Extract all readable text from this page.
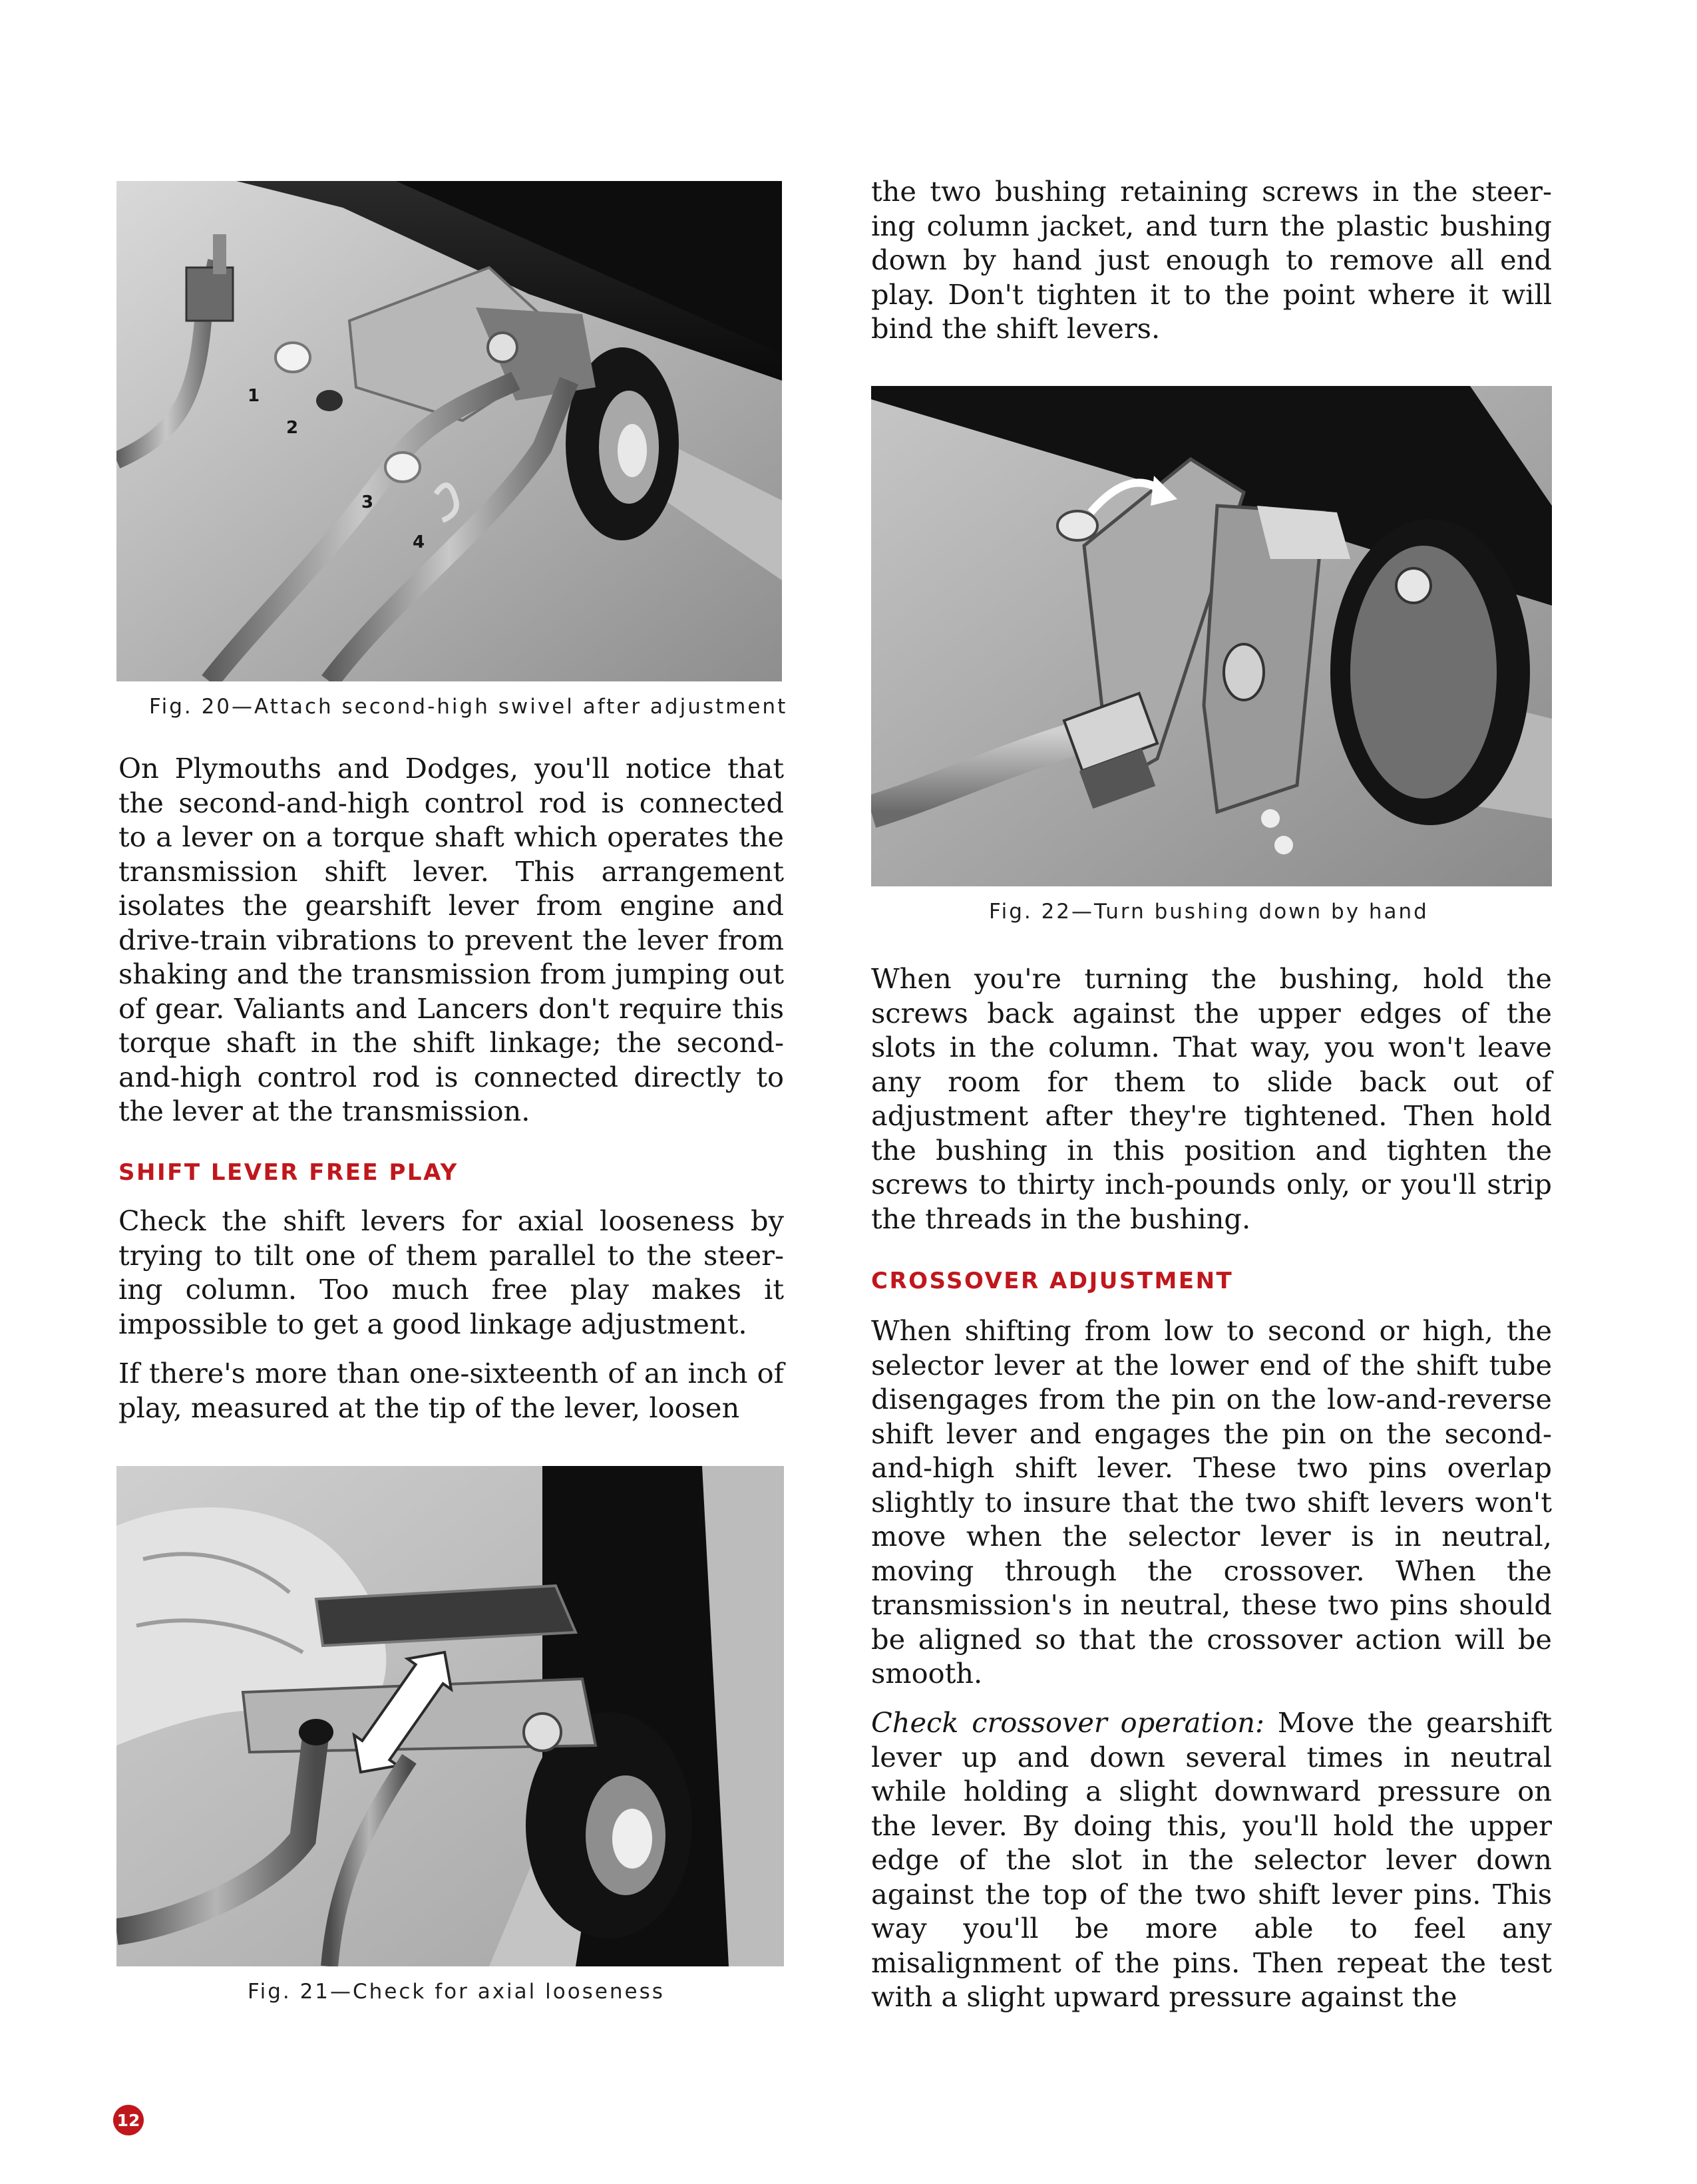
1
2
3
4
Fig. 20—Attach second-high swivel after adjustment

On Plymouths and Dodges, you'll notice that the second-and-high control rod is connected to a lever on a torque shaft which operates the transmission shift lever. This arrangement isolates the gearshift lever from engine and drive-train vibrations to prevent the lever from shaking and the transmission from jumping out of gear. Valiants and Lancers don't require this torque shaft in the shift linkage; the second-and-high control rod is connected directly to the lever at the transmission.

SHIFT LEVER FREE PLAY

Check the shift levers for axial looseness by trying to tilt one of them parallel to the steering column. Too much free play makes it impossible to get a good linkage adjustment.

If there's more than one-sixteenth of an inch of play, measured at the tip of the lever, loosen

Fig. 21—Check for axial looseness

the two bushing retaining screws in the steering column jacket, and turn the plastic bushing down by hand just enough to remove all end play. Don't tighten it to the point where it will bind the shift levers.

Fig. 22—Turn bushing down by hand

When you're turning the bushing, hold the screws back against the upper edges of the slots in the column. That way, you won't leave any room for them to slide back out of adjustment after they're tightened. Then hold the bushing in this position and tighten the screws to thirty inch-pounds only, or you'll strip the threads in the bushing.

CROSSOVER ADJUSTMENT

When shifting from low to second or high, the selector lever at the lower end of the shift tube disengages from the pin on the low-and-reverse shift lever and engages the pin on the second-and-high shift lever. These two pins overlap slightly to insure that the two shift levers won't move when the selector lever is in neutral, moving through the crossover. When the transmission's in neutral, these two pins should be aligned so that the crossover action will be smooth.

Check crossover operation: Move the gearshift lever up and down several times in neutral while holding a slight downward pressure on the lever. By doing this, you'll hold the upper edge of the slot in the selector lever down against the top of the two shift lever pins. This way you'll be more able to feel any misalignment of the pins. Then repeat the test with a slight upward pressure against the

12
